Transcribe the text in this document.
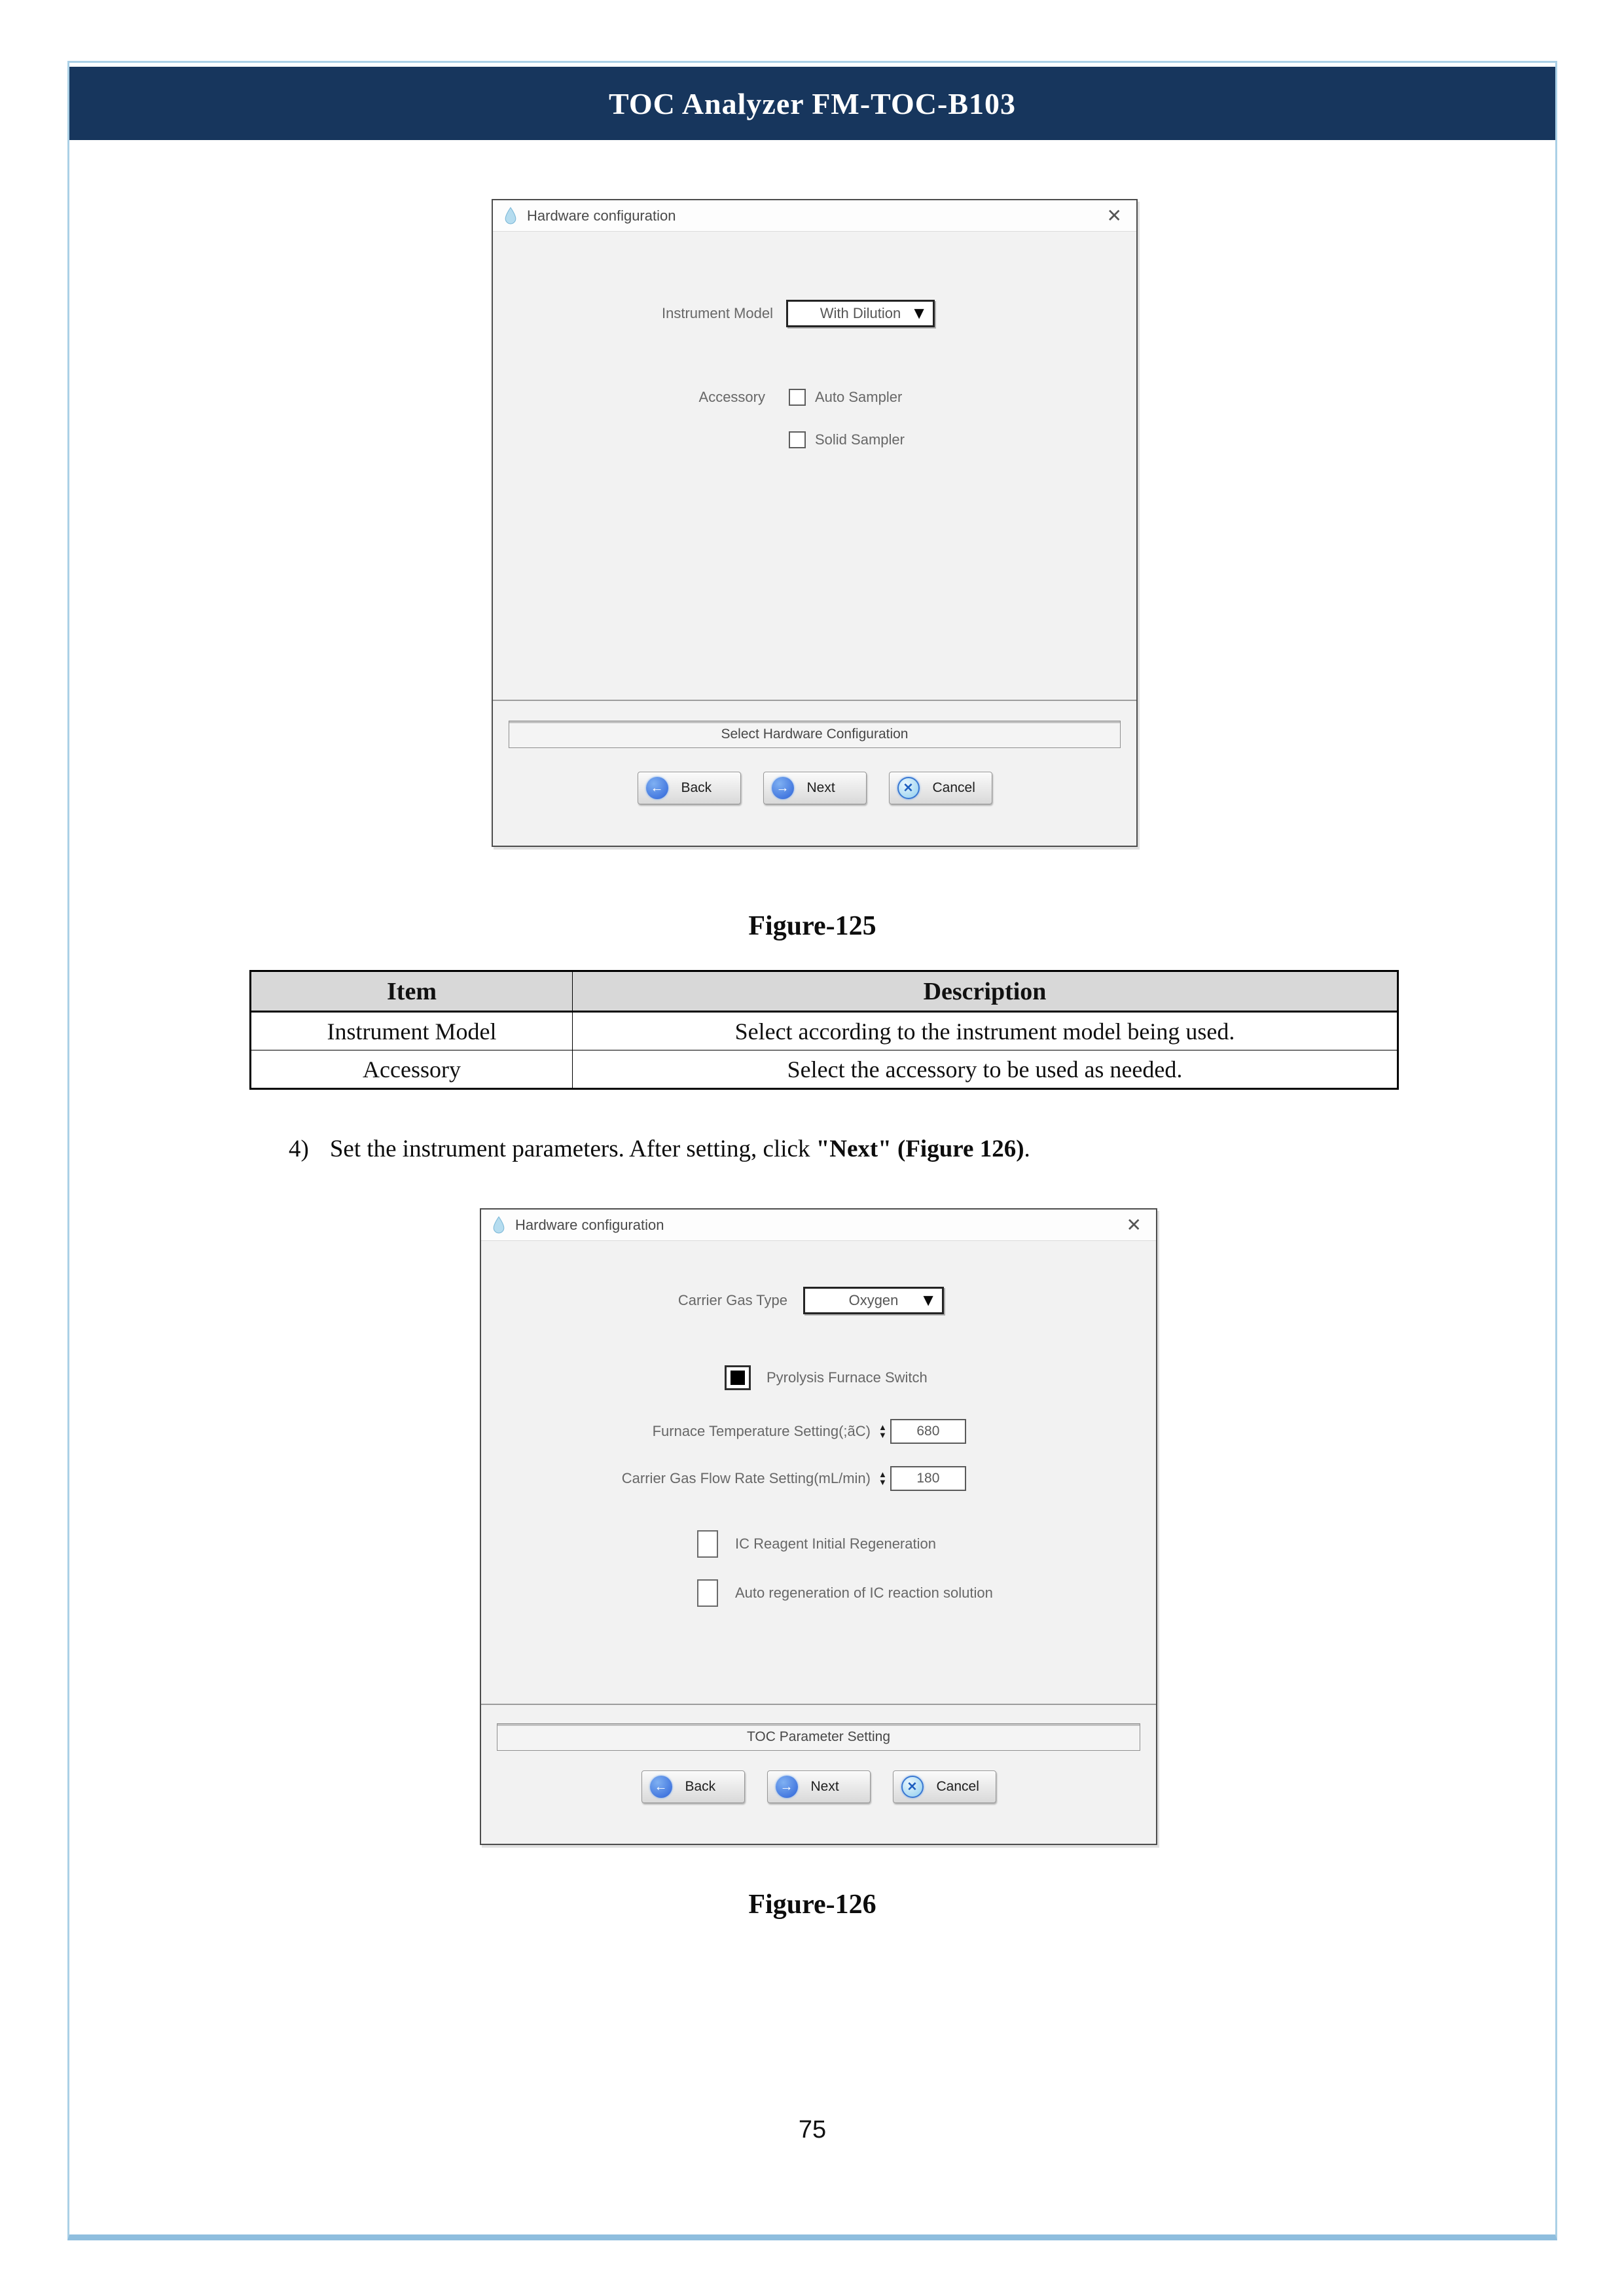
TOC Analyzer FM-TOC-B103
Hardware configuration	✕
Instrument Model	With Dilution ▼
Accessory	Auto Sampler
Solid Sampler
Select Hardware Configuration
←	Back	→	Next	✕	Cancel
Figure-125
Item	Description
Instrument Model	Select according to the instrument model being used.
Accessory	Select the accessory to be used as needed.
4) Set the instrument parameters. After setting, click "Next" (Figure 126).
Hardware configuration	✕
Carrier Gas Type	Oxygen ▼
Pyrolysis Furnace Switch
Furnace Temperature Setting(;ãC) ▲
▼	680
Carrier Gas Flow Rate Setting(mL/min) ▲
▼	180
IC Reagent Initial Regeneration
Auto regeneration of IC reaction solution
TOC Parameter Setting
←	Back	→	Next	✕	Cancel
Figure-126
75
